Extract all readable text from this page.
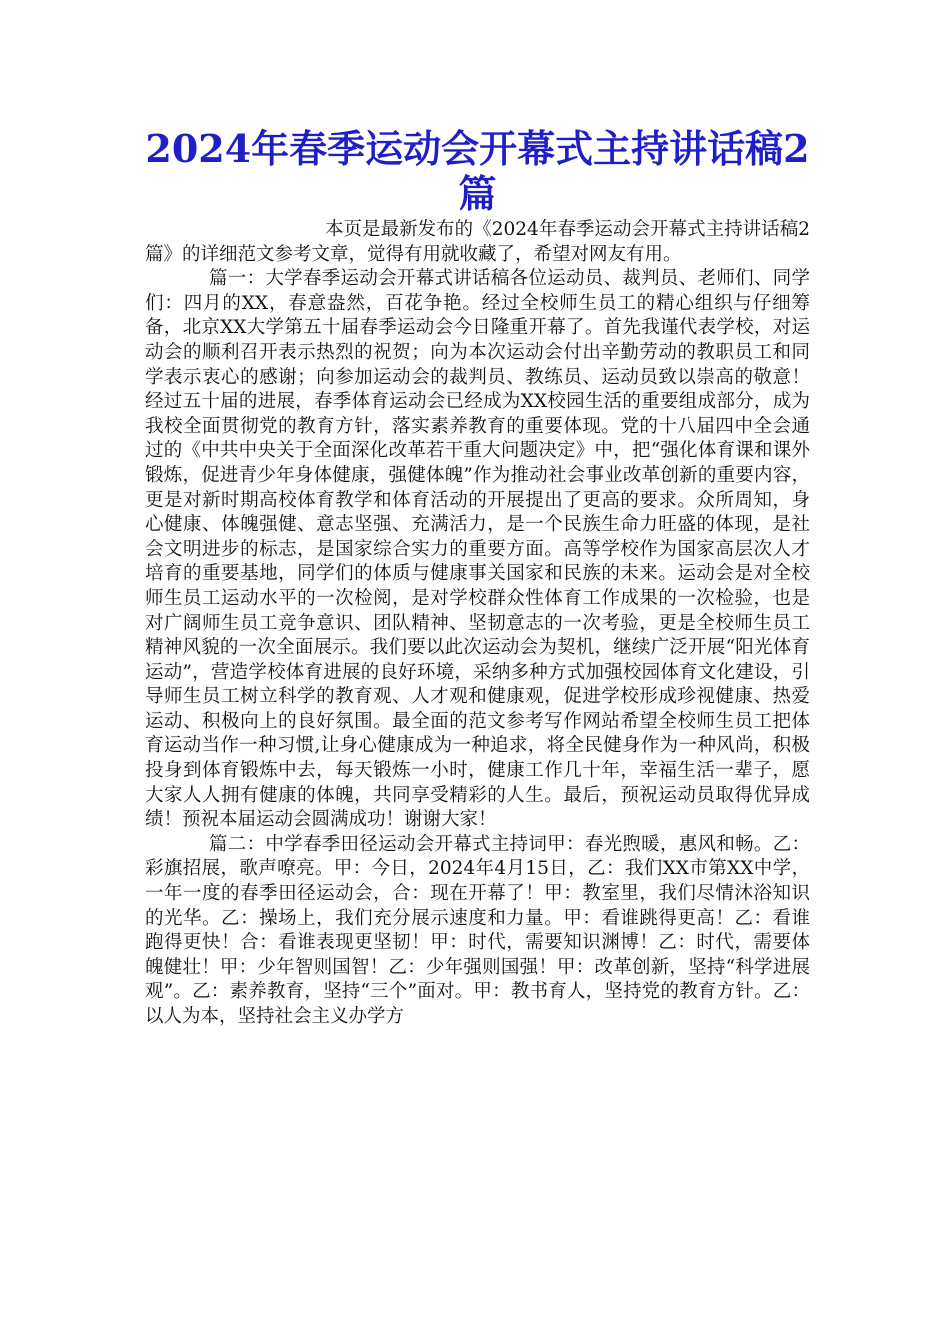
2024年春季运动会开幕式主持讲话稿2篇

本页是最新发布的《2024年春季运动会开幕式主持讲话稿2篇》的详细范文参考文章，觉得有用就收藏了，希望对网友有用。

篇一：大学春季运动会开幕式讲话稿各位运动员、裁判员、老师们、同学们：四月的XX，春意盎然，百花争艳。经过全校师生员工的精心组织与仔细筹备，北京XX大学第五十届春季运动会今日隆重开幕了。首先我谨代表学校，对运动会的顺利召开表示热烈的祝贺；向为本次运动会付出辛勤劳动的教职员工和同学表示衷心的感谢；向参加运动会的裁判员、教练员、运动员致以崇高的敬意！经过五十届的进展，春季体育运动会已经成为XX校园生活的重要组成部分，成为我校全面贯彻党的教育方针，落实素养教育的重要体现。党的十八届四中全会通过的《中共中央关于全面深化改革若干重大问题决定》中，把“强化体育课和课外锻炼，促进青少年身体健康，强健体魄”作为推动社会事业改革创新的重要内容，更是对新时期高校体育教学和体育活动的开展提出了更高的要求。众所周知，身心健康、体魄强健、意志坚强、充满活力，是一个民族生命力旺盛的体现，是社会文明进步的标志，是国家综合实力的重要方面。高等学校作为国家高层次人才培育的重要基地，同学们的体质与健康事关国家和民族的未来。运动会是对全校师生员工运动水平的一次检阅，是对学校群众性体育工作成果的一次检验，也是对广阔师生员工竞争意识、团队精神、坚韧意志的一次考验，更是全校师生员工精神风貌的一次全面展示。我们要以此次运动会为契机，继续广泛开展“阳光体育运动”，营造学校体育进展的良好环境，采纳多种方式加强校园体育文化建设，引导师生员工树立科学的教育观、人才观和健康观，促进学校形成珍视健康、热爱运动、积极向上的良好氛围。最全面的范文参考写作网站希望全校师生员工把体育运动当作一种习惯,让身心健康成为一种追求，将全民健身作为一种风尚，积极投身到体育锻炼中去，每天锻炼一小时，健康工作几十年，幸福生活一辈子，愿大家人人拥有健康的体魄，共同享受精彩的人生。最后，预祝运动员取得优异成绩！预祝本届运动会圆满成功！谢谢大家！

篇二：中学春季田径运动会开幕式主持词甲：春光煦暖，惠风和畅。乙：彩旗招展，歌声嘹亮。甲：今日，2024年4月15日，乙：我们XX市第XX中学，一年一度的春季田径运动会，合：现在开幕了！甲：教室里，我们尽情沐浴知识的光华。乙：操场上，我们充分展示速度和力量。甲：看谁跳得更高！乙：看谁跑得更快！合：看谁表现更坚韧！甲：时代，需要知识渊博！乙：时代，需要体魄健壮！甲：少年智则国智！乙：少年强则国强！甲：改革创新，坚持“科学进展观”。乙：素养教育，坚持“三个”面对。甲：教书育人，坚持党的教育方针。乙：以人为本，坚持社会主义办学方
